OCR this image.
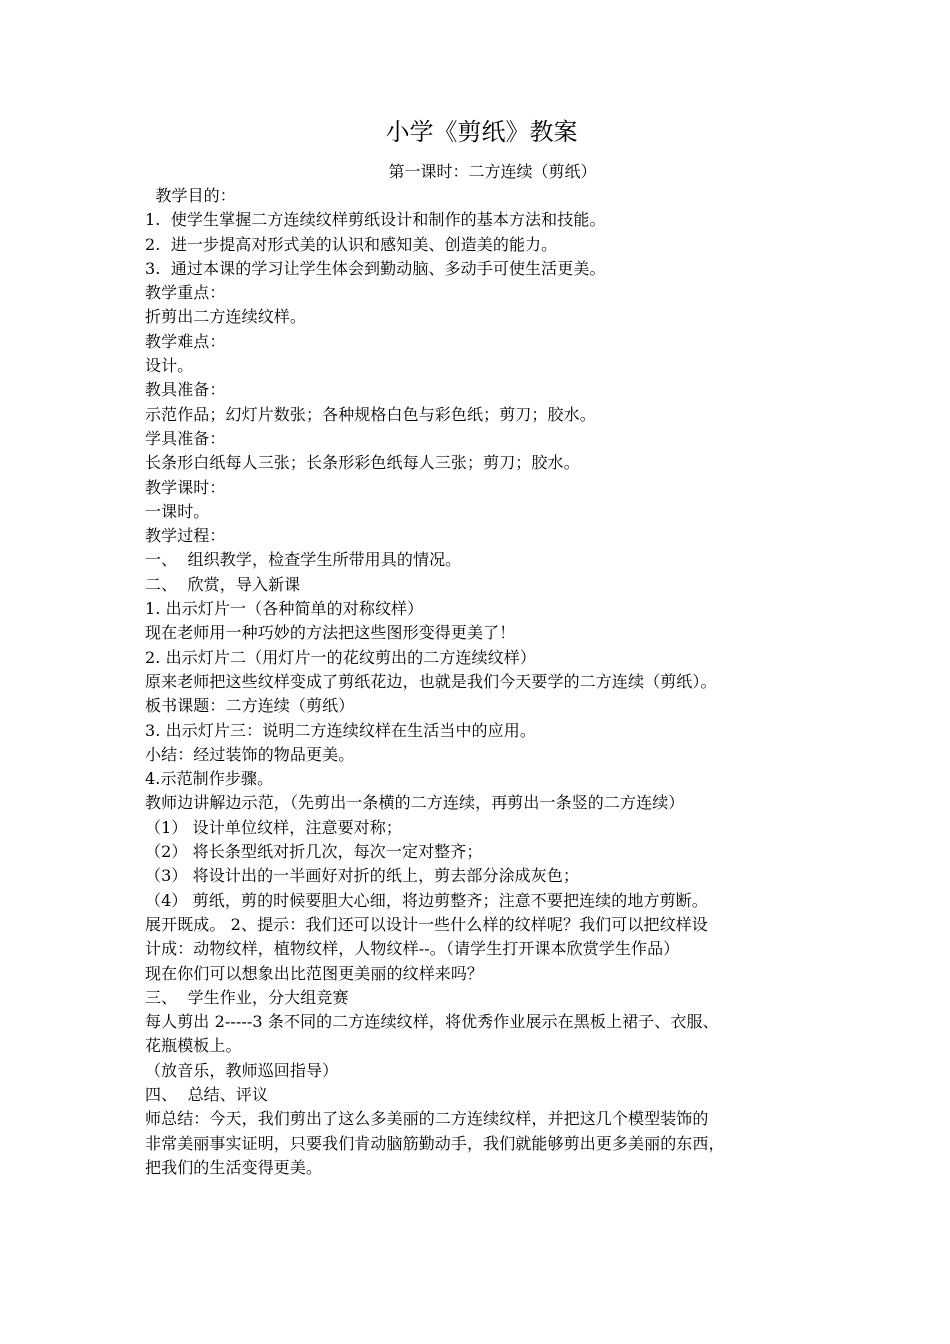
小学《剪纸》教案
第一课时：二方连续（剪纸）
教学目的：
1.  使学生掌握二方连续纹样剪纸设计和制作的基本方法和技能。
2.  进一步提高对形式美的认识和感知美、创造美的能力。
3.  通过本课的学习让学生体会到勤动脑、多动手可使生活更美。
教学重点：
折剪出二方连续纹样。
教学难点：
设计。
教具准备：
示范作品；幻灯片数张；各种规格白色与彩色纸；剪刀；胶水。
学具准备：
长条形白纸每人三张；长条形彩色纸每人三张；剪刀；胶水。
教学课时：
一课时。
教学过程：
一、  组织教学，检查学生所带用具的情况。
二、  欣赏，导入新课
1. 出示灯片一（各种简单的对称纹样）
现在老师用一种巧妙的方法把这些图形变得更美了！
2. 出示灯片二（用灯片一的花纹剪出的二方连续纹样）
原来老师把这些纹样变成了剪纸花边，也就是我们今天要学的二方连续（剪纸）。
板书课题：二方连续（剪纸）
3. 出示灯片三：说明二方连续纹样在生活当中的应用。
小结：经过装饰的物品更美。
4.示范制作步骤。
教师边讲解边示范，（先剪出一条横的二方连续，再剪出一条竖的二方连续）
（1） 设计单位纹样，注意要对称；
（2） 将长条型纸对折几次，每次一定对整齐；
（3） 将设计出的一半画好对折的纸上，剪去部分涂成灰色；
（4） 剪纸，剪的时候要胆大心细，将边剪整齐；注意不要把连续的地方剪断。
展开既成。 2、提示：我们还可以设计一些什么样的纹样呢？我们可以把纹样设
计成：动物纹样，植物纹样，人物纹样--。（请学生打开课本欣赏学生作品）
现在你们可以想象出比范图更美丽的纹样来吗？
三、  学生作业，分大组竞赛
每人剪出 2-----3 条不同的二方连续纹样，将优秀作业展示在黑板上裙子、衣服、
花瓶模板上。
（放音乐，教师巡回指导）
四、  总结、评议
师总结：今天，我们剪出了这么多美丽的二方连续纹样，并把这几个模型装饰的
非常美丽事实证明，只要我们肯动脑筋勤动手，我们就能够剪出更多美丽的东西，
把我们的生活变得更美。
